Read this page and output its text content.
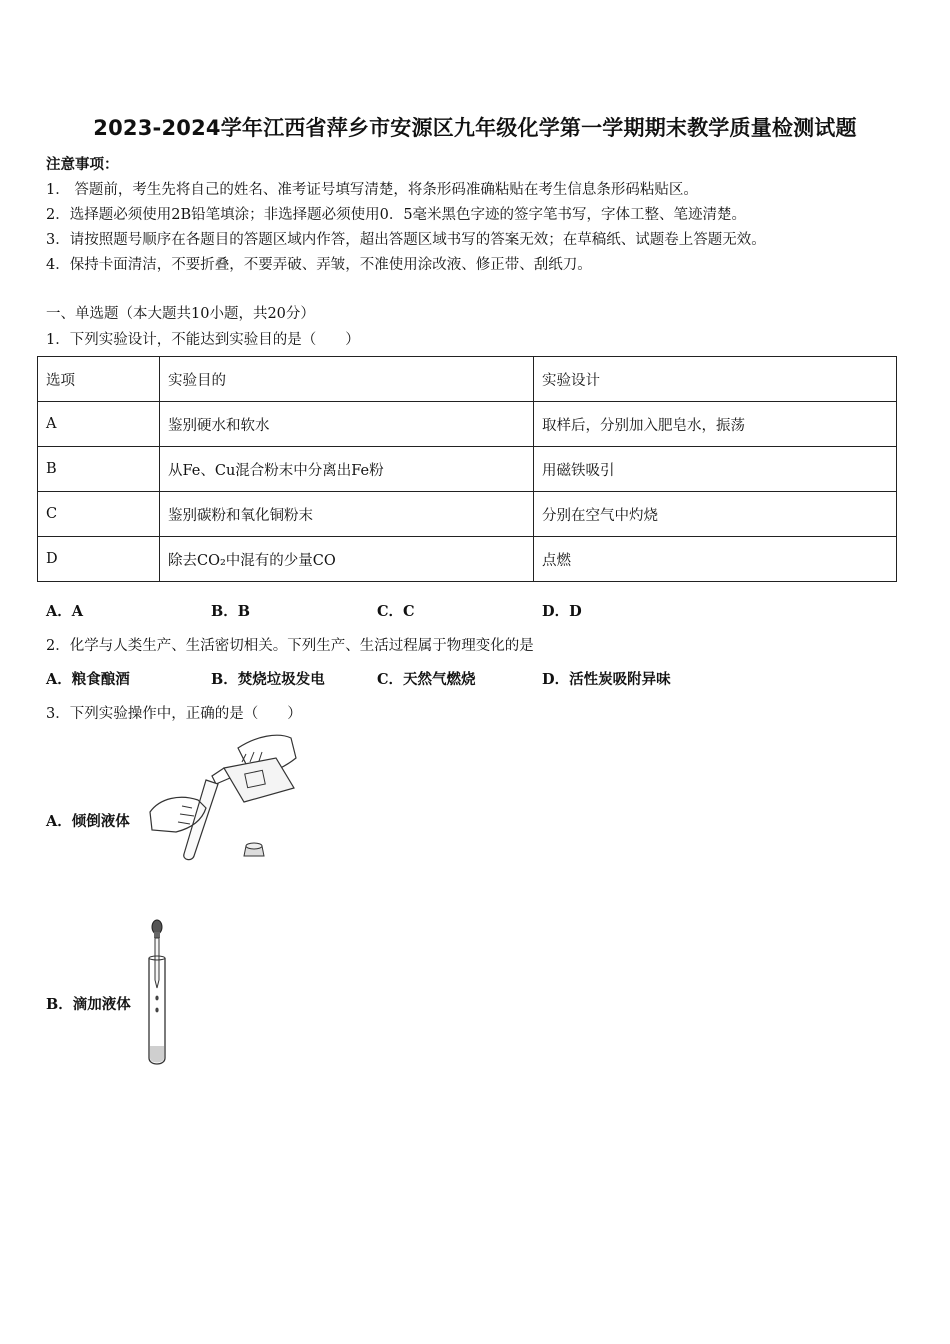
2023-2024学年江西省萍乡市安源区九年级化学第一学期期末教学质量检测试题
注意事项：
1． 答题前，考生先将自己的姓名、准考证号填写清楚，将条形码准确粘贴在考生信息条形码粘贴区。
2．选择题必须使用2B铅笔填涂；非选择题必须使用0．5毫米黑色字迹的签字笔书写，字体工整、笔迹清楚。
3．请按照题号顺序在各题目的答题区域内作答，超出答题区域书写的答案无效；在草稿纸、试题卷上答题无效。
4．保持卡面清洁，不要折叠，不要弄破、弄皱，不准使用涂改液、修正带、刮纸刀。
一、单选题（本大题共10小题，共20分）
1．下列实验设计，不能达到实验目的是（　　）
选项	实验目的	实验设计
A	鉴别硬水和软水	取样后，分别加入肥皂水，振荡
B	从Fe、Cu混合粉末中分离出Fe粉	用磁铁吸引
C	鉴别碳粉和氧化铜粉末	分别在空气中灼烧
D	除去CO₂中混有的少量CO	点燃
A．A	B．B	C．C	D．D
2．化学与人类生产、生活密切相关。下列生产、生活过程属于物理变化的是
A．粮食酿酒	B．焚烧垃圾发电	C．天然气燃烧	D．活性炭吸附异味
3．下列实验操作中，正确的是（　　）
A．倾倒液体
B．滴加液体
